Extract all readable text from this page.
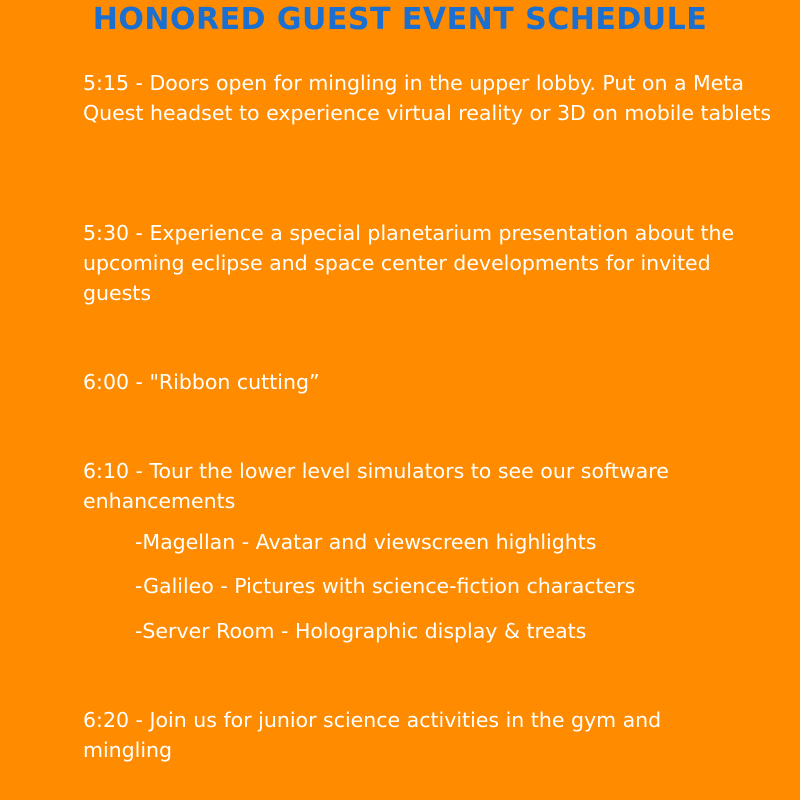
HONORED GUEST EVENT SCHEDULE
5:15 - Doors open for mingling in the upper lobby. Put on a Meta Quest headset to experience virtual reality or 3D on mobile tablets
5:30 - Experience a special planetarium presentation about the upcoming eclipse and space center developments for invited guests
6:00 - "Ribbon cutting”
6:10 - Tour the lower level simulators to see our software enhancements
-Magellan - Avatar and viewscreen highlights
-Galileo - Pictures with science-fiction characters
-Server Room - Holographic display & treats
6:20 - Join us for junior science activities in the gym and mingling
